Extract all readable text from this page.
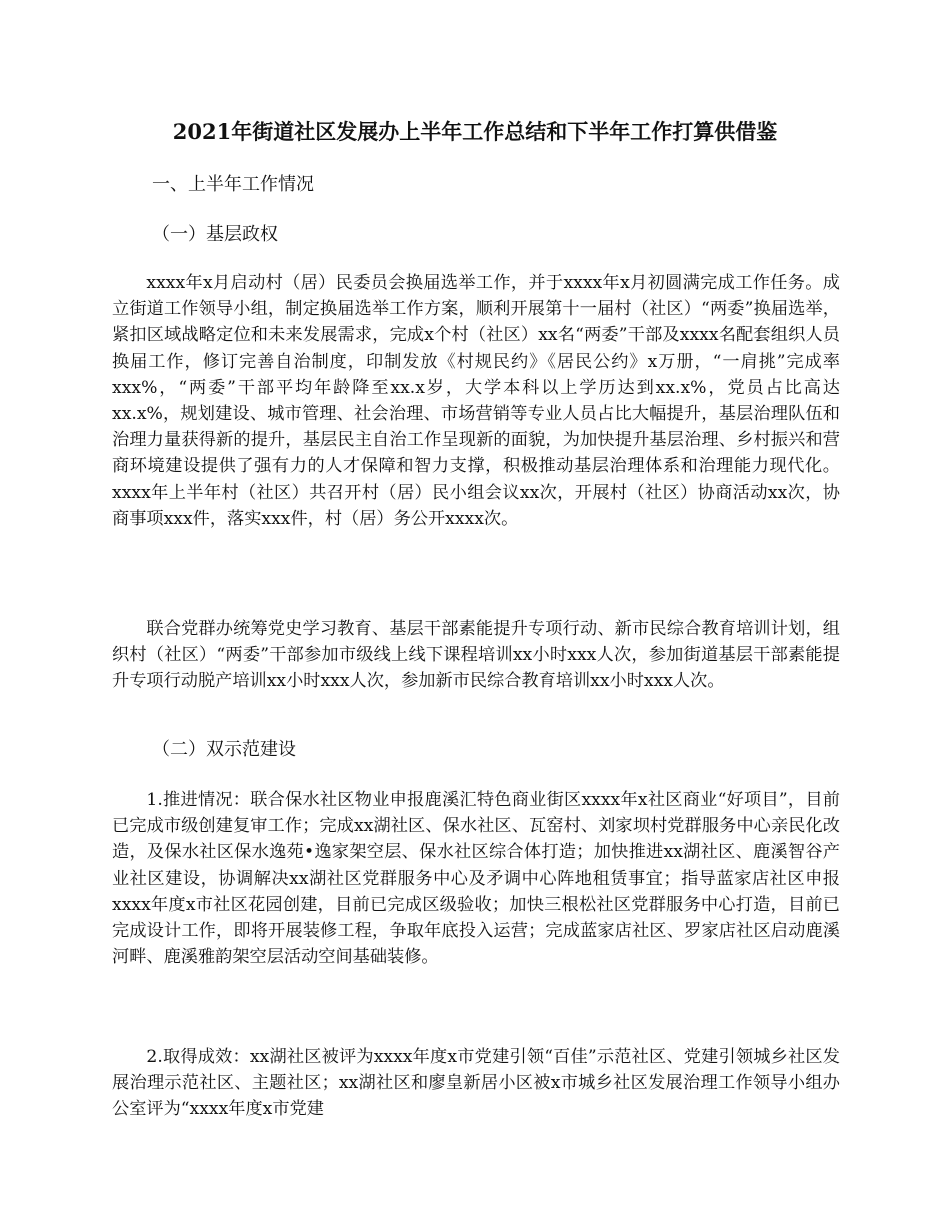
2021年街道社区发展办上半年工作总结和下半年工作打算供借鉴
一、上半年工作情况
（一）基层政权
xxxx年x月启动村（居）民委员会换届选举工作，并于xxxx年x月初圆满完成工作任务。成立街道工作领导小组，制定换届选举工作方案，顺利开展第十一届村（社区）“两委”换届选举，紧扣区域战略定位和未来发展需求，完成x个村（社区）xx名“两委”干部及xxxx名配套组织人员换届工作，修订完善自治制度，印制发放《村规民约》《居民公约》x万册，“一肩挑”完成率xxx%，“两委”干部平均年龄降至xx.x岁，大学本科以上学历达到xx.x%，党员占比高达xx.x%，规划建设、城市管理、社会治理、市场营销等专业人员占比大幅提升，基层治理队伍和治理力量获得新的提升，基层民主自治工作呈现新的面貌，为加快提升基层治理、乡村振兴和营商环境建设提供了强有力的人才保障和智力支撑，积极推动基层治理体系和治理能力现代化。xxxx年上半年村（社区）共召开村（居）民小组会议xx次，开展村（社区）协商活动xx次，协商事项xxx件，落实xxx件，村（居）务公开xxxx次。
联合党群办统筹党史学习教育、基层干部素能提升专项行动、新市民综合教育培训计划，组织村（社区）“两委”干部参加市级线上线下课程培训xx小时xxx人次，参加街道基层干部素能提升专项行动脱产培训xx小时xxx人次，参加新市民综合教育培训xx小时xxx人次。
（二）双示范建设
1.推进情况：联合保水社区物业申报鹿溪汇特色商业街区xxxx年x社区商业“好项目”，目前已完成市级创建复审工作；完成xx湖社区、保水社区、瓦窑村、刘家坝村党群服务中心亲民化改造，及保水社区保水逸苑•逸家架空层、保水社区综合体打造；加快推进xx湖社区、鹿溪智谷产业社区建设，协调解决xx湖社区党群服务中心及矛调中心阵地租赁事宜；指导蓝家店社区申报xxxx年度x市社区花园创建，目前已完成区级验收；加快三根松社区党群服务中心打造，目前已完成设计工作，即将开展装修工程，争取年底投入运营；完成蓝家店社区、罗家店社区启动鹿溪河畔、鹿溪雅韵架空层活动空间基础装修。
2.取得成效：xx湖社区被评为xxxx年度x市党建引领“百佳”示范社区、党建引领城乡社区发展治理示范社区、主题社区；xx湖社区和廖皇新居小区被x市城乡社区发展治理工作领导小组办公室评为“xxxx年度x市党建
